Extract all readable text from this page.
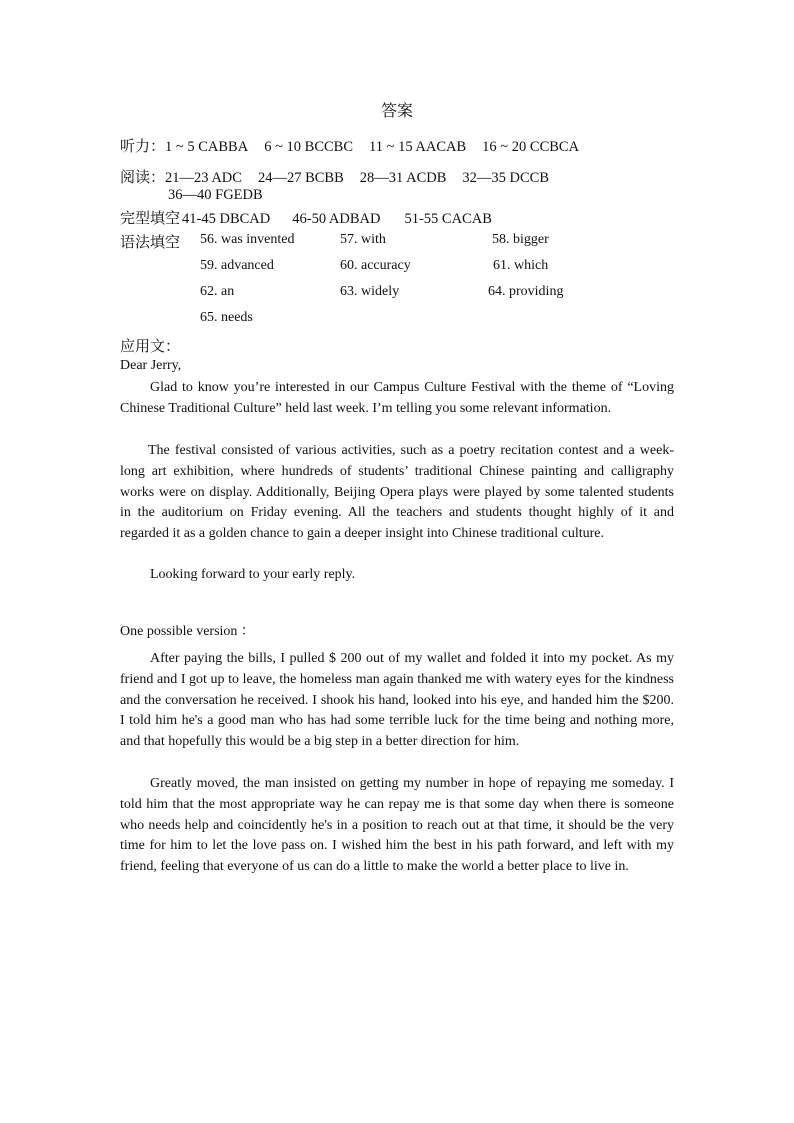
答案
听力：1 ~ 5 CABBA 6 ~ 10 BCCBC 11 ~ 15 AACAB 16 ~ 20 CCBCA
阅读：21—23 ADC 24—27 BCBB 28—31 ACDB 32—35 DCCB
36—40 FGEDB
完型填空 41-45 DBCAD 46-50 ADBAD 51-55 CACAB
语法填空 56. was invented	57. with	58. bigger
59. advanced	60. accuracy	61. which
62. an	63. widely	64. providing
65. needs
应用文：
Dear Jerry,
Glad to know you’re interested in our Campus Culture Festival with the theme of “Loving Chinese Traditional Culture” held last week. I’m telling you some relevant information.
The festival consisted of various activities, such as a poetry recitation contest and a week-long art exhibition, where hundreds of students’ traditional Chinese painting and calligraphy works were on display. Additionally, Beijing Opera plays were played by some talented students in the auditorium on Friday evening. All the teachers and students thought highly of it and regarded it as a golden chance to gain a deeper insight into Chinese traditional culture.
Looking forward to your early reply.
One possible version ：
After paying the bills, I pulled $ 200 out of my wallet and folded it into my pocket. As my friend and I got up to leave, the homeless man again thanked me with watery eyes for the kindness and the conversation he received. I shook his hand, looked into his eye, and handed him the $200. I told him he's a good man who has had some terrible luck for the time being and nothing more, and that hopefully this would be a big step in a better direction for him.
Greatly moved, the man insisted on getting my number in hope of repaying me someday. I told him that the most appropriate way he can repay me is that some day when there is someone who needs help and coincidently he's in a position to reach out at that time, it should be the very time for him to let the love pass on. I wished him the best in his path forward, and left with my friend, feeling that everyone of us can do a little to make the world a better place to live in.
